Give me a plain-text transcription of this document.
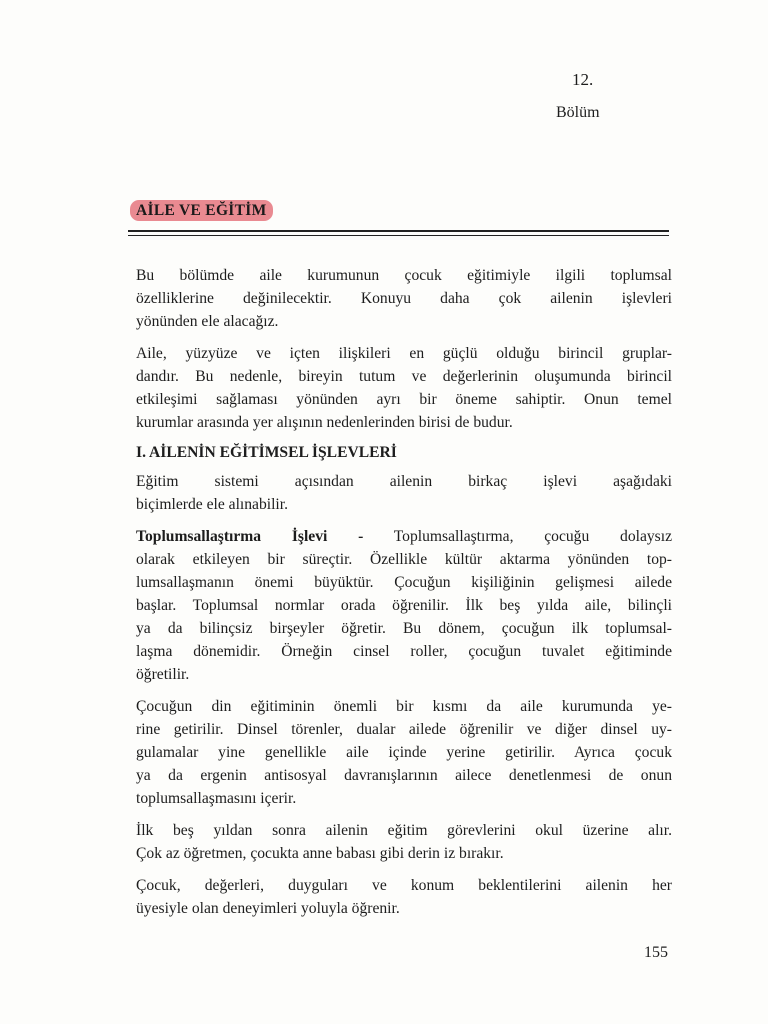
12.
Bölüm
AİLE VE EĞİTİM

Bu bölümde aile kurumunun çocuk eğitimiyle ilgili toplumsal
özelliklerine değinilecektir. Konuyu daha çok ailenin işlevleri
yönünden ele alacağız.

Aile, yüzyüze ve içten ilişkileri en güçlü olduğu birincil gruplar-
dandır. Bu nedenle, bireyin tutum ve değerlerinin oluşumunda birincil
etkileşimi sağlaması yönünden ayrı bir öneme sahiptir. Onun temel
kurumlar arasında yer alışının nedenlerinden birisi de budur.

I. AİLENİN EĞİTİMSEL İŞLEVLERİ

Eğitim sistemi açısından ailenin birkaç işlevi aşağıdaki
biçimlerde ele alınabilir.

Toplumsallaştırma İşlevi - Toplumsallaştırma, çocuğu dolaysız
olarak etkileyen bir süreçtir. Özellikle kültür aktarma yönünden top-
lumsallaşmanın önemi büyüktür. Çocuğun kişiliğinin gelişmesi ailede
başlar. Toplumsal normlar orada öğrenilir. İlk beş yılda aile, bilinçli
ya da bilinçsiz birşeyler öğretir. Bu dönem, çocuğun ilk toplumsal-
laşma dönemidir. Örneğin cinsel roller, çocuğun tuvalet eğitiminde
öğretilir.

Çocuğun din eğitiminin önemli bir kısmı da aile kurumunda ye-
rine getirilir. Dinsel törenler, dualar ailede öğrenilir ve diğer dinsel uy-
gulamalar yine genellikle aile içinde yerine getirilir. Ayrıca çocuk
ya da ergenin antisosyal davranışlarının ailece denetlenmesi de onun
toplumsallaşmasını içerir.

İlk beş yıldan sonra ailenin eğitim görevlerini okul üzerine alır.
Çok az öğretmen, çocukta anne babası gibi derin iz bırakır.

Çocuk, değerleri, duyguları ve konum beklentilerini ailenin her
üyesiyle olan deneyimleri yoluyla öğrenir.

155
